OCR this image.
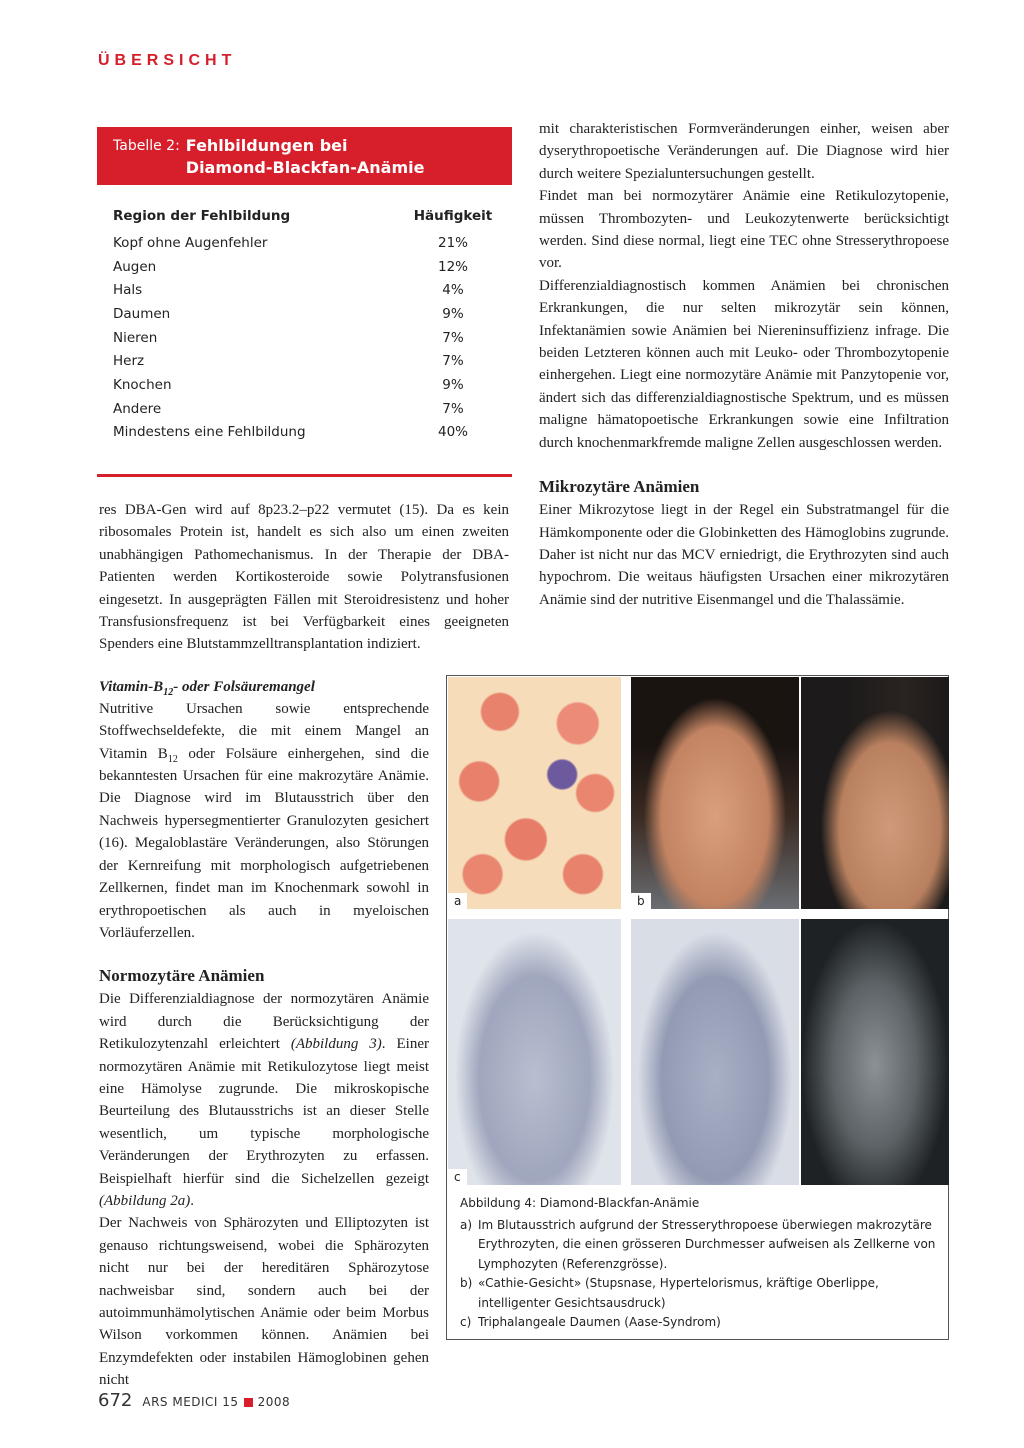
ÜBERSICHT
Tabelle 2: Fehlbildungen bei
Diamond-Blackfan-Anämie
Region der Fehlbildung	Häufigkeit
Kopf ohne Augenfehler	21%
Augen	12%
Hals	4%
Daumen	9%
Nieren	7%
Herz	7%
Knochen	9%
Andere	7%
Mindestens eine Fehlbildung	40%

res DBA-Gen wird auf 8p23.2–p22 vermutet (15). Da es kein ribosomales Protein ist, handelt es sich also um einen zweiten unabhängigen Pathomechanismus. In der Therapie der DBA-Patienten werden Kortikosteroide sowie Polytransfusionen eingesetzt. In ausgeprägten Fällen mit Steroidresistenz und hoher Transfusionsfrequenz ist bei Verfügbarkeit eines geeigneten Spenders eine Blutstammzelltransplantation indiziert.

Vitamin-$B_{12}-$ oder Folsäuremangel

Nutritive Ursachen sowie entsprechende Stoffwechseldefekte, die mit einem Mangel an Vitamin $B_{12}$ oder Folsäure einhergehen, sind die bekanntesten Ursachen für eine makrozytäre Anämie. Die Diagnose wird im Blutausstrich über den Nachweis hypersegmentierter Granulozyten gesichert (16). Megaloblastäre Veränderungen, also Störungen der Kernreifung mit morphologisch aufgetriebenen Zellkernen, findet man im Knochenmark sowohl in erythropoetischen als auch in myeloischen Vorläuferzellen.

Normozytäre Anämien

Die Differenzialdiagnose der normozytären Anämie wird durch die Berücksichtigung der Retikulozytenzahl erleichtert (Abbildung 3). Einer normozytären Anämie mit Retikulozytose liegt meist eine Hämolyse zugrunde. Die mikroskopische Beurteilung des Blutausstrichs ist an dieser Stelle wesentlich, um typische morphologische Veränderungen der Erythrozyten zu erfassen. Beispielhaft hierfür sind die Sichelzellen gezeigt (Abbildung 2a).

Der Nachweis von Sphärozyten und Elliptozyten ist genauso richtungsweisend, wobei die Sphärozyten nicht nur bei der hereditären Sphärozytose nachweisbar sind, sondern auch bei der autoimmunhämolytischen Anämie oder beim Morbus Wilson vorkommen können. Anämien bei Enzymdefekten oder instabilen Hämoglobinen gehen nicht

mit charakteristischen Formveränderungen einher, weisen aber dyserythropoetische Veränderungen auf. Die Diagnose wird hier durch weitere Spezialuntersuchungen gestellt.

Findet man bei normozytärer Anämie eine Retikulozytopenie, müssen Thrombozyten- und Leukozytenwerte berücksichtigt werden. Sind diese normal, liegt eine TEC ohne Stresserythropoese vor.

Differenzialdiagnostisch kommen Anämien bei chronischen Erkrankungen, die nur selten mikrozytär sein können, Infektanämien sowie Anämien bei Niereninsuffizienz infrage. Die beiden Letzteren können auch mit Leuko- oder Thrombozytopenie einhergehen. Liegt eine normozytäre Anämie mit Panzytopenie vor, ändert sich das differenzialdiagnostische Spektrum, und es müssen maligne hämatopoetische Erkrankungen sowie eine Infiltration durch knochenmarkfremde maligne Zellen ausgeschlossen werden.

Mikrozytäre Anämien

Einer Mikrozytose liegt in der Regel ein Substratmangel für die Hämkomponente oder die Globinketten des Hämoglobins zugrunde. Daher ist nicht nur das MCV erniedrigt, die Erythrozyten sind auch hypochrom. Die weitaus häufigsten Ursachen einer mikrozytären Anämie sind der nutritive Eisenmangel und die Thalassämie.

a	b
c
Abbildung 4: Diamond-Blackfan-Anämie
a) Im Blutausstrich aufgrund der Stresserythropoese überwiegen makrozytäre Erythrozyten, die einen grösseren Durchmesser aufweisen als Zellkerne von Lymphozyten (Referenzgrösse).
b) «Cathie-Gesicht» (Stupsnase, Hypertelorismus, kräftige Oberlippe, intelligenter Gesichtsausdruck)
c) Triphalangeale Daumen (Aase-Syndrom)
672 ARS MEDICI 15 2008
